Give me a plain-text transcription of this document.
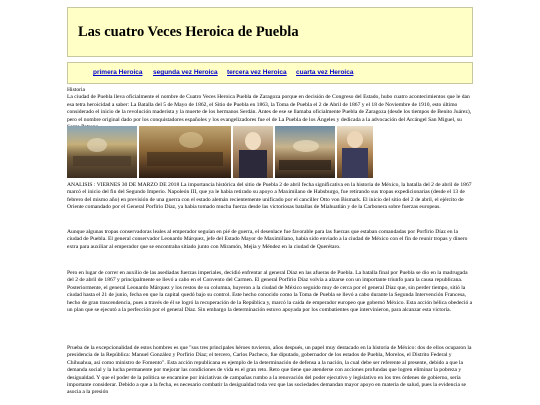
Las cuatro Veces Heroica de Puebla
primera Heroica segunda vez Heroica tercera vez Heroica cuarta vez Heroica

Historia

La ciudad de Puebla lleva oficialmente el nombre de Cuatro Veces Heroica Puebla de Zaragoza porque en decisión de Congreso del Estado, hubo cuatro acontecimientos que le dan esa tetra heroicidad a saber: La Batalla del 5 de Mayo de 1862, el Sitio de Puebla en 1863, la Toma de Puebla el 2 de Abril de 1867 y el 18 de Noviembre de 1910, esto último considerado el inicio de la revolución maderista y la muerte de los hermanos Serdán. Antes de ese se llamaba oficialmente Puebla de Zaragoza (desde los tiempos de Benito Juárez), pero el nombre original dado por los conquistadores españoles y los evangelizadores fue el de La Puebla de los Ángeles y dedicada a la advocación del Arcángel San Miguel, su

ANALISIS : VIERNES 30 DE MARZO DE 2018 La importancia histórica del sitio de Puebla 2 de abril fecha significativa en la historia de México, la batalla del 2 de abril de 1867 marcó el inicio del fin del Segundo Imperio. Napoleón III, que ya le había retirado su apoyo a Maximilano de Habsburgo, fue retirando sus tropas expedicionarias (desde el 13 de febrero del mismo año) en previsión de una guerra con el estado alemán recientemente unificado por el canciller Otto von Bismark. El inicio del sitio del 2 de abril, el ejército de Oriente comandado por el General Porfirio Díaz, ya había tomado mucha fuerza desde las victoriosas batallas de Miahuatlán y de la Carbonera sobre fuerzas europeas.

Aunque algunas tropas conservadoras leales al emperador seguían en pié de guerra, el desenlace fue favorable para las fuerzas que estaban comandadas por Porfirio Díaz en la ciudad de Puebla. El general conservador Leonardo Márquez, jefe del Estado Mayor de Maximiliano, había sido enviado a la ciudad de México con el fin de reunir tropas y dinero extra para auxiliar al emperador que se encontraba sitiado junto con Miramón, Mejía y Méndez en la ciudad de Querétaro.

Pero en lugar de correr en auxilio de las asediadas fuerzas imperiales, decidió enfrentar al general Díaz en las afueras de Puebla. La batalla final por Puebla se dio en la madrugada del 2 de abril de 1867 y principalmente se llevó a cabo en el Convento del Carmen. El general Porfirio Díaz volvía a alzarse con un importante triunfo para la causa republicana. Posteriormente, el general Leonardo Márquez y los restos de su columna, huyeron a la ciudad de México seguido muy de cerca por el general Díaz que, sin perder tiempo, sitió la ciudad hasta el 21 de junio, fecha en que la capital quedó bajo su control. Este hecho conocido como la Toma de Puebla se llevó a cabo durante la Segunda Intervención Francesa, hecho de gran trascendencia, pues a través de él se logró la recuperación de la República y, marcó la caída de emperador europeo que gobernó México. Esta acción bélica obedeció a un plan que se ejecutó a la perfección por el general Díaz. Sin embargo la determinación estuvo apoyada por los combatientes que intervinieron, para alcanzar esta victoria.

Prueba de la excepcionalidad de estos hombres es que "sus tres principales héroes tuvieron, años después, un papel muy destacado en la historia de México: dos de ellos ocuparon la presidencia de la República: Manuel González y Porfirio Díaz; el tercero, Carlos Pacheco, fue diputado, gobernador de los estados de Puebla, Morelos, el Distrito Federal y Chihuahua, así como ministro de Fomento". Esta acción republicana es ejemplo de la determinación de defensa a la nación, la cual debe ser referente al presente, debido a que la demanda social y la lucha permanente por mejorar las condiciones de vida es el gran reto. Reto que tiene que atenderse con acciones profundas que logren eliminar la pobreza y desigualdad. Y que el poder de la política se encamine por iniciativas de campañas rumbo a la renovación del poder ejecutivo y legislativo en los tres órdenes de gobierno, sería importante considerar. Debido a que a la fecha, es necesario combatir la desigualdad toda vez que las sociedades demandan mayor apoyo en materia de salud, pues la evidencia se asocia a la presión
